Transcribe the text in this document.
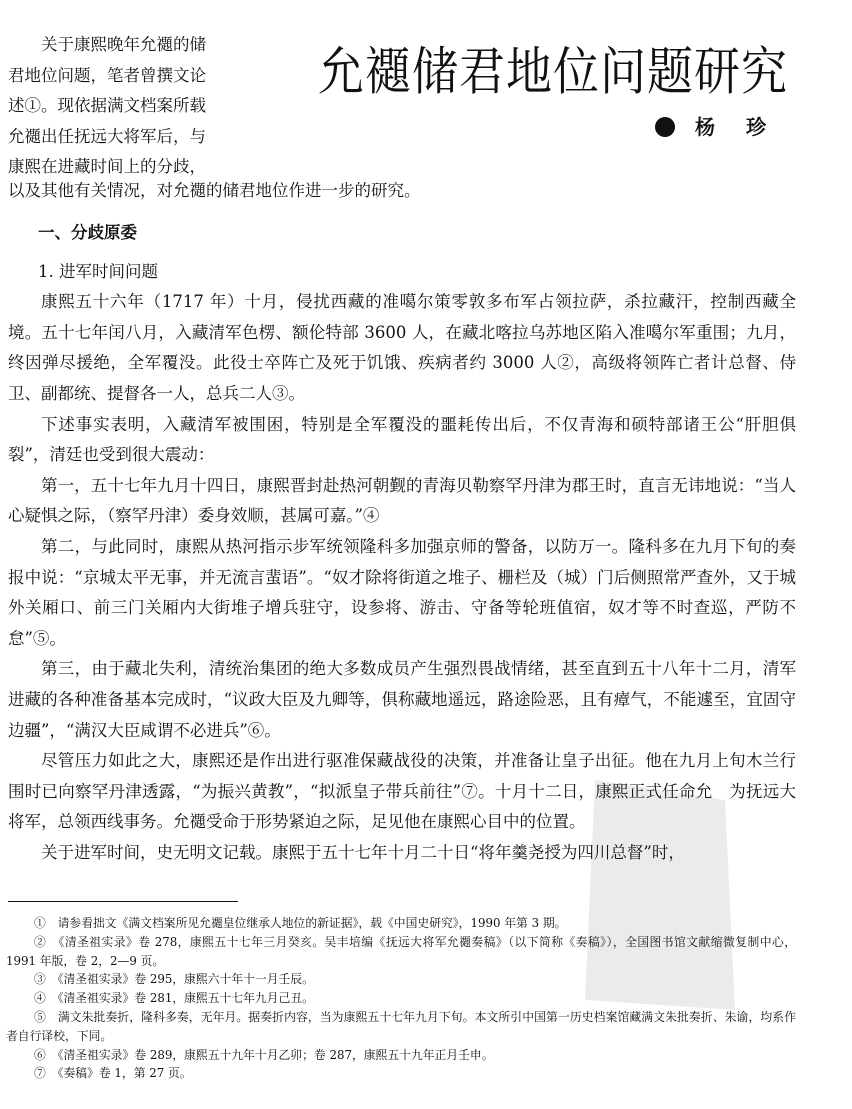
允禵储君地位问题研究
杨 珍
关于康熙晚年允禵的储
君地位问题，笔者曾撰文论
述①。现依据满文档案所载
允禵出任抚远大将军后，与
康熙在进藏时间上的分歧，
以及其他有关情况，对允禵的储君地位作进一步的研究。
一、分歧原委
1. 进军时间问题

康熙五十六年（1717 年）十月，侵扰西藏的准噶尔策零敦多布军占领拉萨，杀拉藏汗，控制西藏全境。五十七年闰八月，入藏清军色楞、额伦特部 3600 人，在藏北喀拉乌苏地区陷入准噶尔军重围；九月，终因弹尽援绝，全军覆没。此役士卒阵亡及死于饥饿、疾病者约 3000 人②，高级将领阵亡者计总督、侍卫、副都统、提督各一人，总兵二人③。

下述事实表明，入藏清军被围困，特别是全军覆没的噩耗传出后，不仅青海和硕特部诸王公“肝胆俱裂”，清廷也受到很大震动：

第一，五十七年九月十四日，康熙晋封赴热河朝觐的青海贝勒察罕丹津为郡王时，直言无讳地说：“当人心疑惧之际，（察罕丹津）委身效顺，甚属可嘉。”④

第二，与此同时，康熙从热河指示步军统领隆科多加强京师的警备，以防万一。隆科多在九月下旬的奏报中说：“京城太平无事，并无流言蜚语”。“奴才除将街道之堆子、栅栏及（城）门后侧照常严查外，又于城外关厢口、前三门关厢内大街堆子增兵驻守，设参将、游击、守备等轮班值宿，奴才等不时查巡，严防不怠”⑤。

第三，由于藏北失利，清统治集团的绝大多数成员产生强烈畏战情绪，甚至直到五十八年十二月，清军进藏的各种准备基本完成时，“议政大臣及九卿等，俱称藏地遥远，路途险恶，且有瘴气，不能遽至，宜固守边疆”，“满汉大臣咸谓不必进兵”⑥。

尽管压力如此之大，康熙还是作出进行驱准保藏战役的决策，并准备让皇子出征。他在九月上旬木兰行围时已向察罕丹津透露，“为振兴黄教”，“拟派皇子带兵前往”⑦。十月十二日，康熙正式任命允　为抚远大将军，总领西线事务。允禵受命于形势紧迫之际，足见他在康熙心目中的位置。

关于进军时间，史无明文记载。康熙于五十七年十月二十日“将年羹尧授为四川总督”时，

①　请参看拙文《满文档案所见允禵皇位继承人地位的新证据》，载《中国史研究》，1990 年第 3 期。

②　《清圣祖实录》卷 278，康熙五十七年三月癸亥。吴丰培编《抚远大将军允禵奏稿》（以下简称《奏稿》），全国图书馆文献缩微复制中心，1991 年版，卷 2，2—9 页。

③　《清圣祖实录》卷 295，康熙六十年十一月壬辰。

④　《清圣祖实录》卷 281，康熙五十七年九月己丑。

⑤　满文朱批奏折，隆科多奏，无年月。据奏折内容，当为康熙五十七年九月下旬。本文所引中国第一历史档案馆藏满文朱批奏折、朱谕，均系作者自行译校，下同。

⑥　《清圣祖实录》卷 289，康熙五十九年十月乙卯；卷 287，康熙五十九年正月壬申。

⑦　《奏稿》卷 1，第 27 页。
